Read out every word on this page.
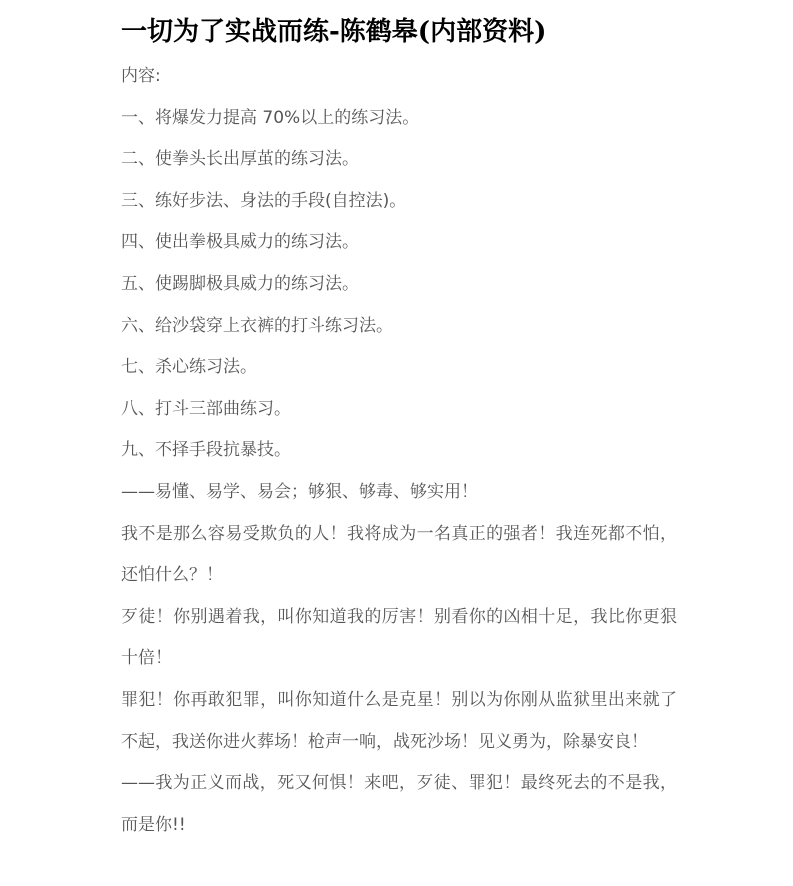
一切为了实战而练-陈鹤皋(内部资料)

内容:

一、将爆发力提高 70%以上的练习法。

二、使拳头长出厚茧的练习法。

三、练好步法、身法的手段(自控法)。

四、使出拳极具威力的练习法。

五、使踢脚极具威力的练习法。

六、给沙袋穿上衣裤的打斗练习法。

七、杀心练习法。

八、打斗三部曲练习。

九、不择手段抗暴技。

——易懂、易学、易会；够狠、够毒、够实用！

我不是那么容易受欺负的人！我将成为一名真正的强者！我连死都不怕，还怕什么？！

歹徒！你别遇着我，叫你知道我的厉害！别看你的凶相十足，我比你更狠十倍！

罪犯！你再敢犯罪，叫你知道什么是克星！别以为你刚从监狱里出来就了不起，我送你进火葬场！枪声一响，战死沙场！见义勇为，除暴安良！

——我为正义而战，死又何惧！来吧，歹徒、罪犯！最终死去的不是我，而是你!!
